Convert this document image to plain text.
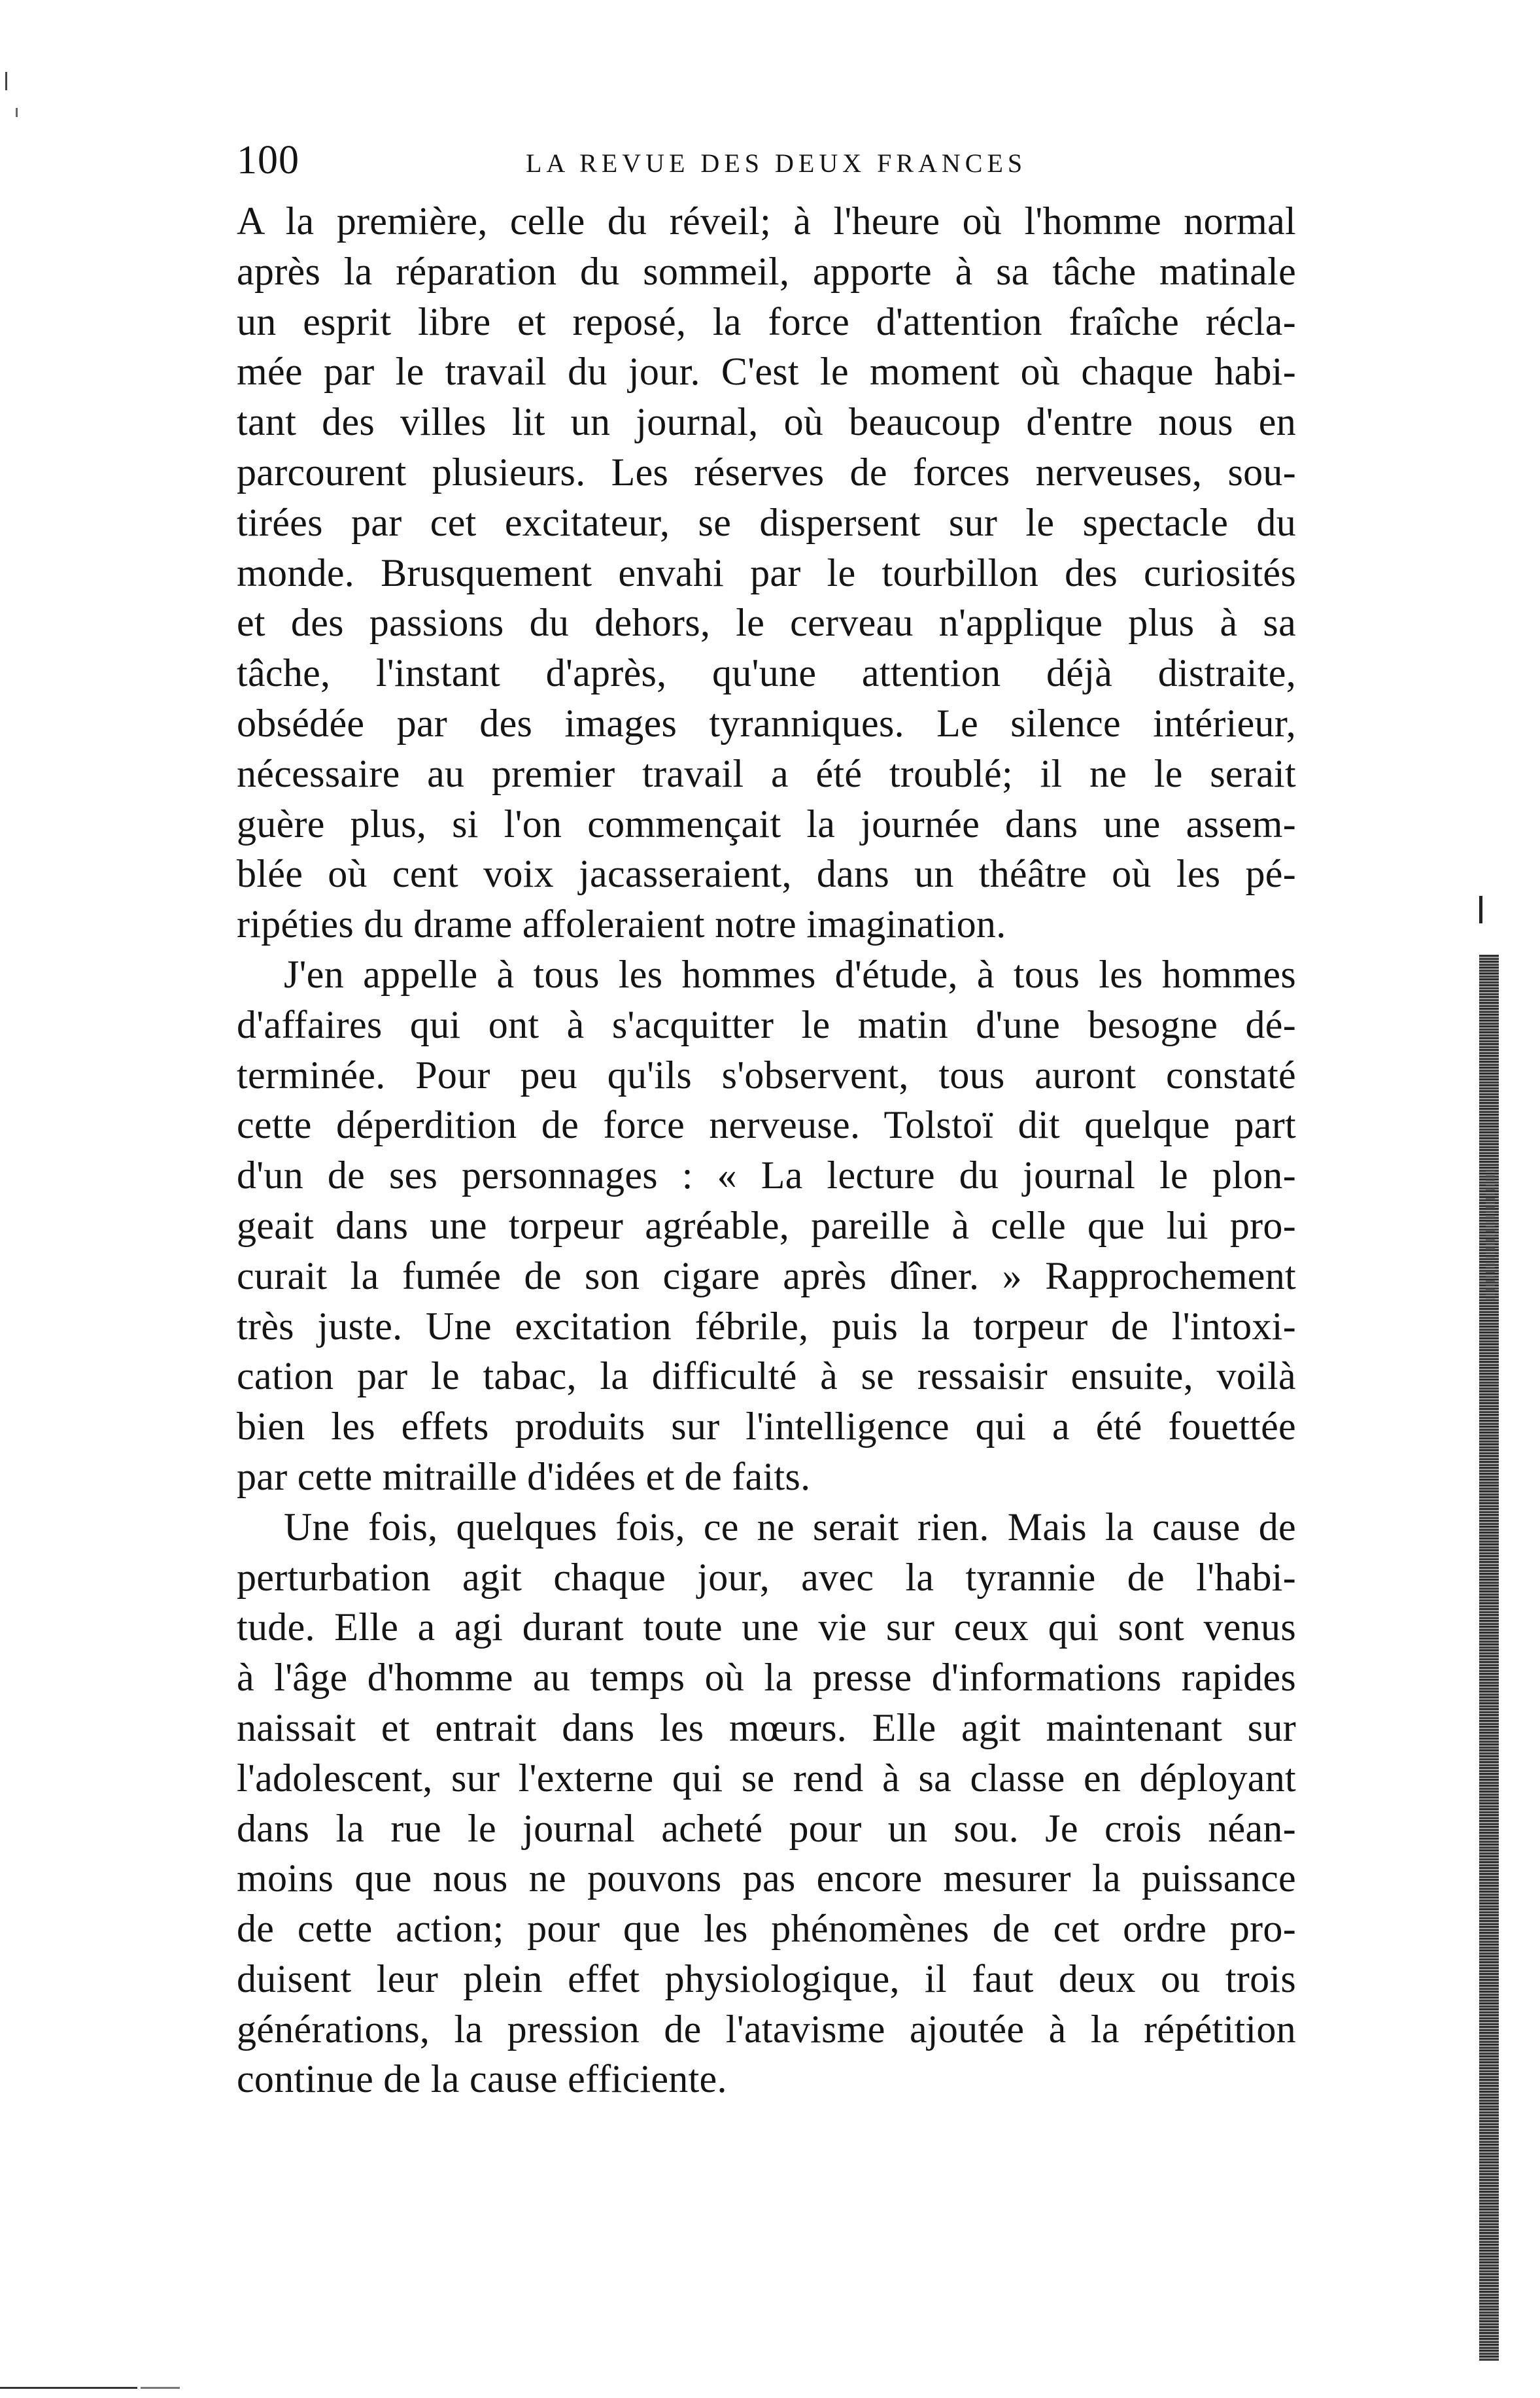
100	LA REVUE DES DEUX FRANCES
A la première, celle du réveil; à l'heure où l'homme normal
après la réparation du sommeil, apporte à sa tâche matinale
un esprit libre et reposé, la force d'attention fraîche récla-
mée par le travail du jour. C'est le moment où chaque habi-
tant des villes lit un journal, où beaucoup d'entre nous en
parcourent plusieurs. Les réserves de forces nerveuses, sou-
tirées par cet excitateur, se dispersent sur le spectacle du
monde. Brusquement envahi par le tourbillon des curiosités
et des passions du dehors, le cerveau n'applique plus à sa
tâche, l'instant d'après, qu'une attention déjà distraite,
obsédée par des images tyranniques. Le silence intérieur,
nécessaire au premier travail a été troublé; il ne le serait
guère plus, si l'on commençait la journée dans une assem-
blée où cent voix jacasseraient, dans un théâtre où les pé-
ripéties du drame affoleraient notre imagination.
J'en appelle à tous les hommes d'étude, à tous les hommes
d'affaires qui ont à s'acquitter le matin d'une besogne dé-
terminée. Pour peu qu'ils s'observent, tous auront constaté
cette déperdition de force nerveuse. Tolstoï dit quelque part
d'un de ses personnages : « La lecture du journal le plon-
geait dans une torpeur agréable, pareille à celle que lui pro-
curait la fumée de son cigare après dîner. » Rapprochement
très juste. Une excitation fébrile, puis la torpeur de l'intoxi-
cation par le tabac, la difficulté à se ressaisir ensuite, voilà
bien les effets produits sur l'intelligence qui a été fouettée
par cette mitraille d'idées et de faits.
Une fois, quelques fois, ce ne serait rien. Mais la cause de
perturbation agit chaque jour, avec la tyrannie de l'habi-
tude. Elle a agi durant toute une vie sur ceux qui sont venus
à l'âge d'homme au temps où la presse d'informations rapides
naissait et entrait dans les mœurs. Elle agit maintenant sur
l'adolescent, sur l'externe qui se rend à sa classe en déployant
dans la rue le journal acheté pour un sou. Je crois néan-
moins que nous ne pouvons pas encore mesurer la puissance
de cette action; pour que les phénomènes de cet ordre pro-
duisent leur plein effet physiologique, il faut deux ou trois
générations, la pression de l'atavisme ajoutée à la répétition
continue de la cause efficiente.
